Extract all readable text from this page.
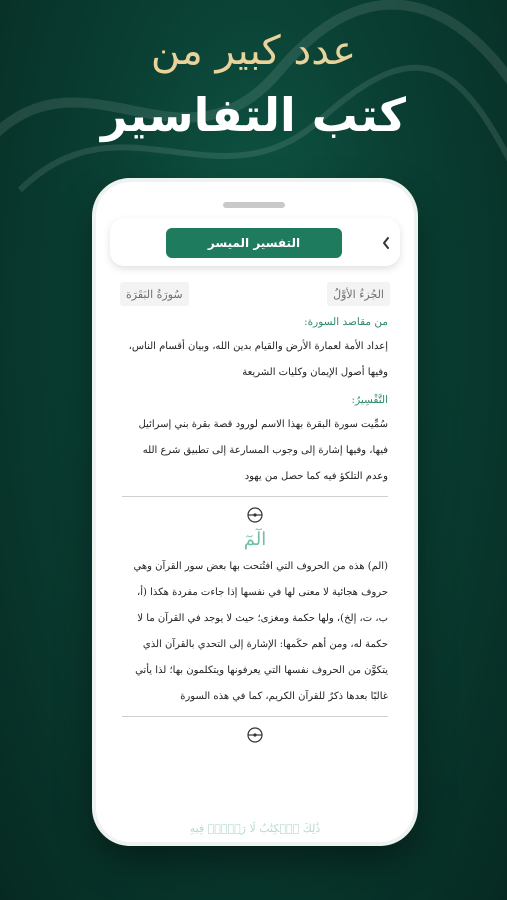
عدد كبير من
كتب التفاسير
التفسير الميسر
سُورَةُ البَقَرَة	الجُزءُ الأوَّلُ
من مقاصد السورة:
إعداد الأمة لعمارة الأرض والقيام بدين الله، وبيان أقسام الناس، وفيها أصول الإيمان وكليات الشريعة
التَّفْسِيرُ:
سُمِّيت سورة البقرة بهذا الاسم لورود قصة بقرة بني إسرائيل فيها، وفيها إشارة إلى وجوب المسارعة إلى تطبيق شرع الله وعدم التلكؤ فيه كما حصل من يهود
الٓمٓ
(الم) هذه من الحروف التي افتُتحت بها بعض سور القرآن وهي حروف هجائية لا معنى لها في نفسها إذا جاءت مفردة هكذا (أ، ب، ت، إلخ)، ولها حكمة ومغزى؛ حيث لا يوجد في القرآن ما لا حكمة له، ومن أهم حكَمها: الإشارة إلى التحدي بالقرآن الذي يتكوَّن من الحروف نفسها التي يعرفونها ويتكلمون بها؛ لذا يأتي غالبًا بعدها ذكرٌ للقرآن الكريم، كما في هذه السورة
ذَٰلِكَ ٱلۡكِتَٰبُ لَا رَيۡبَۛ فِيهِ
